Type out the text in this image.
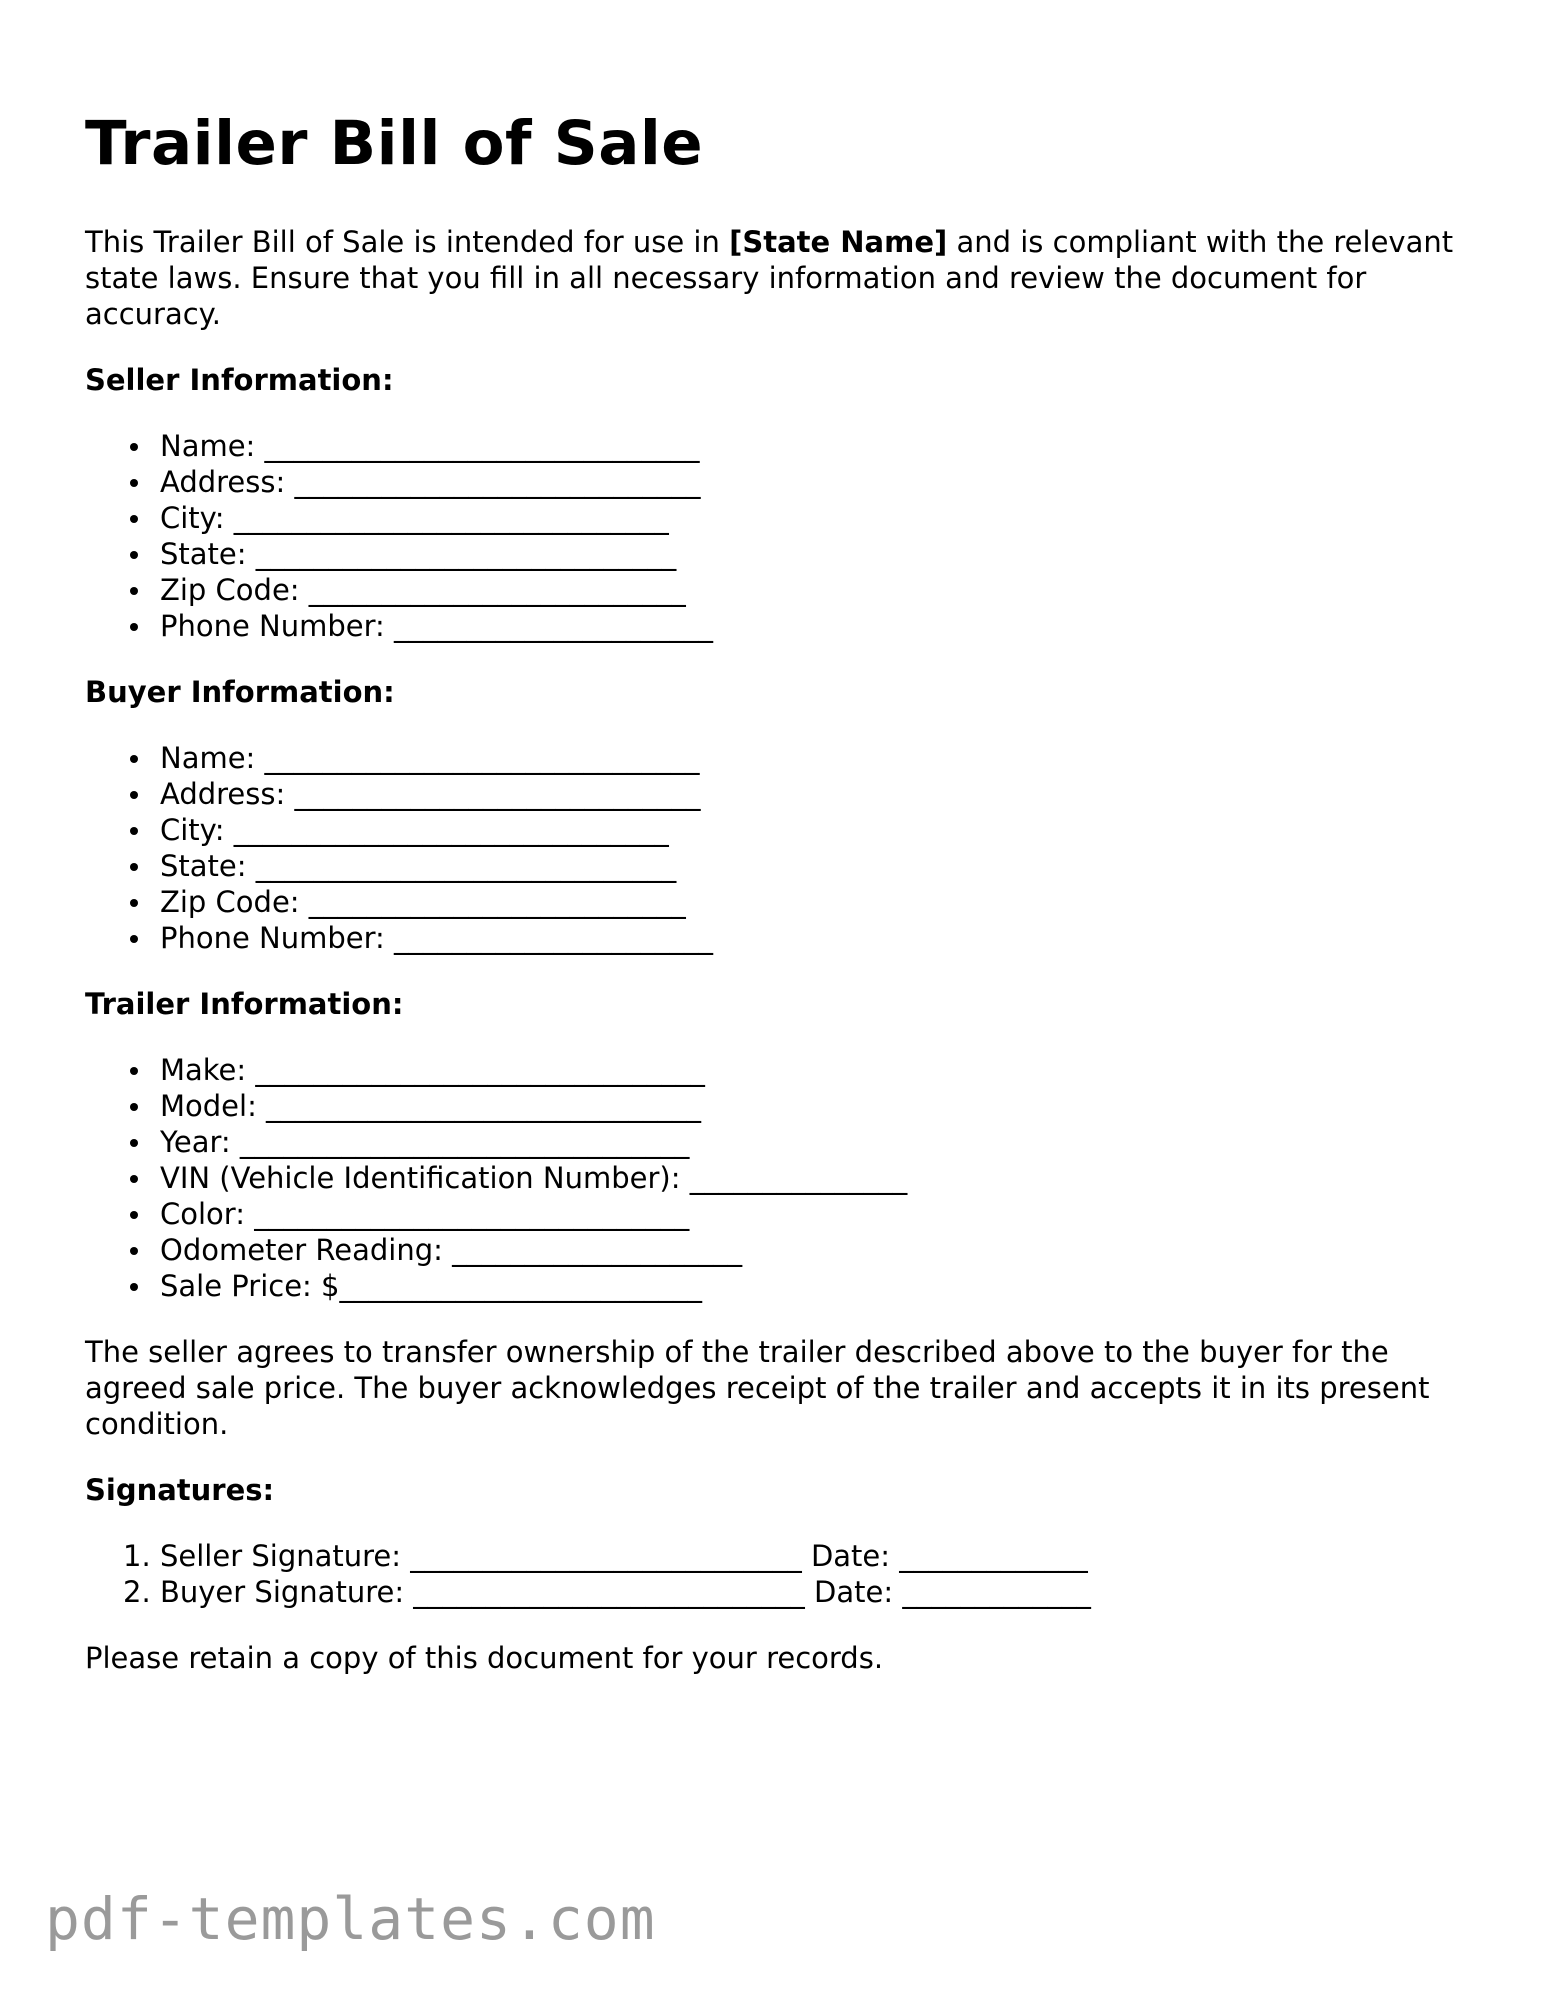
Trailer Bill of Sale

This Trailer Bill of Sale is intended for use in [State Name] and is compliant with the relevant state laws. Ensure that you fill in all necessary information and review the document for accuracy.

Seller Information:
Name: ______________________________
Address: ____________________________
City: ______________________________
State: _____________________________
Zip Code: __________________________
Phone Number: ______________________
Buyer Information:
Name: ______________________________
Address: ____________________________
City: ______________________________
State: _____________________________
Zip Code: __________________________
Phone Number: ______________________
Trailer Information:
Make: _______________________________
Model: ______________________________
Year: _______________________________
VIN (Vehicle Identification Number): _______________
Color: ______________________________
Odometer Reading: ____________________
Sale Price: $_________________________

The seller agrees to transfer ownership of the trailer described above to the buyer for the agreed sale price. The buyer acknowledges receipt of the trailer and accepts it in its present condition.

Signatures:
1. Seller Signature: ___________________________ Date: _____________
2. Buyer Signature: ___________________________ Date: _____________

Please retain a copy of this document for your records.

pdf-templates.com
